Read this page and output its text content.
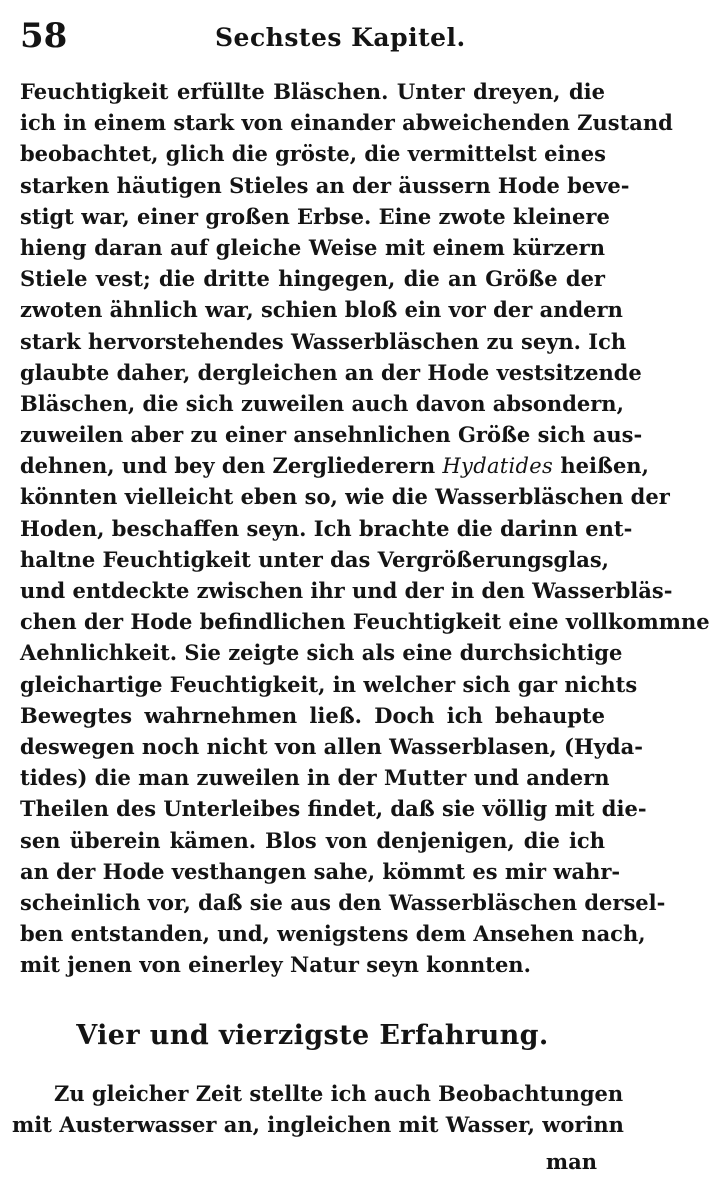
58	Sechstes Kapitel.
Feuchtigkeit erfüllte Bläschen. Unter dreyen, die
ich in einem stark von einander abweichenden Zustand
beobachtet, glich die gröste, die vermittelst eines
starken häutigen Stieles an der äussern Hode beve-
stigt war, einer großen Erbse. Eine zwote kleinere
hieng daran auf gleiche Weise mit einem kürzern
Stiele vest; die dritte hingegen, die an Größe der
zwoten ähnlich war, schien bloß ein vor der andern
stark hervorstehendes Wasserbläschen zu seyn. Ich
glaubte daher, dergleichen an der Hode vestsitzende
Bläschen, die sich zuweilen auch davon absondern,
zuweilen aber zu einer ansehnlichen Größe sich aus-
dehnen, und bey den Zergliederern Hydatides heißen,
könnten vielleicht eben so, wie die Wasserbläschen der
Hoden, beschaffen seyn. Ich brachte die darinn ent-
haltne Feuchtigkeit unter das Vergrößerungsglas,
und entdeckte zwischen ihr und der in den Wasserbläs-
chen der Hode befindlichen Feuchtigkeit eine vollkommne
Aehnlichkeit. Sie zeigte sich als eine durchsichtige
gleichartige Feuchtigkeit, in welcher sich gar nichts
Bewegtes wahrnehmen ließ. Doch ich behaupte
deswegen noch nicht von allen Wasserblasen, (Hyda-
tides) die man zuweilen in der Mutter und andern
Theilen des Unterleibes findet, daß sie völlig mit die-
sen überein kämen. Blos von denjenigen, die ich
an der Hode vesthangen sahe, kömmt es mir wahr-
scheinlich vor, daß sie aus den Wasserbläschen dersel-
ben entstanden, und, wenigstens dem Ansehen nach,
mit jenen von einerley Natur seyn konnten.
Vier und vierzigste Erfahrung.
Zu gleicher Zeit stellte ich auch Beobachtungen
mit Austerwasser an, ingleichen mit Wasser, worinn
man
